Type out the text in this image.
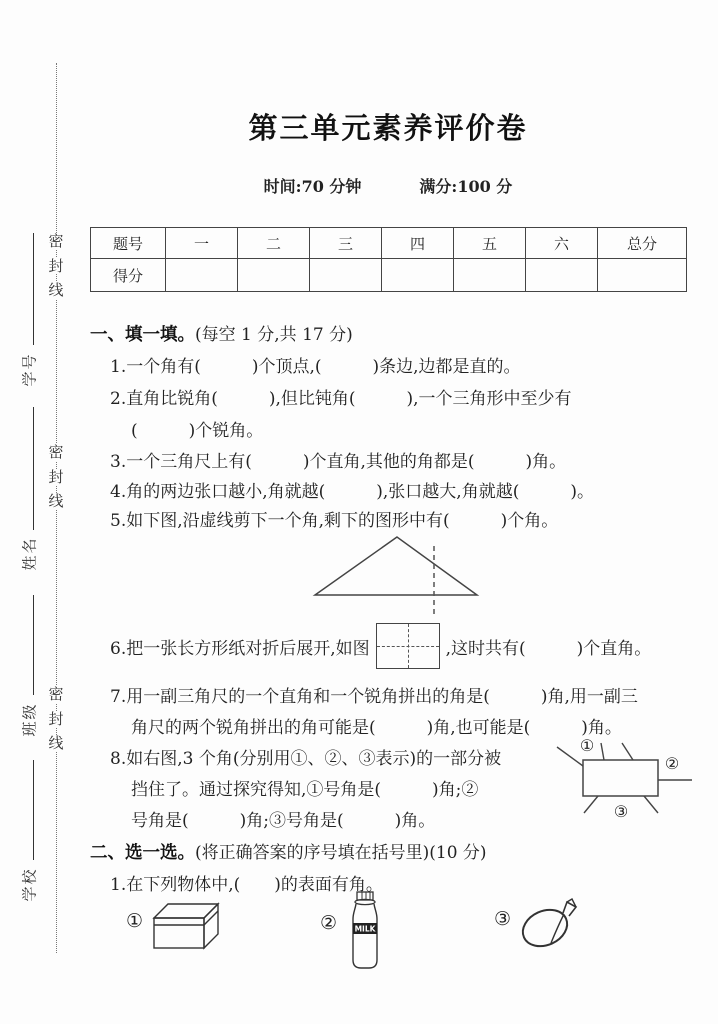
密
封
线
密
封
线
密
封
线
学号
姓名
班级
学校
第三单元素养评价卷
时间:70 分钟	满分:100 分
题号	一	二	三	四	五	六	总分
得分							
一、填一填。(每空 1 分,共 17 分)
1.一个角有(　　　)个顶点,(　　　)条边,边都是直的。
2.直角比锐角(　　　),但比钝角(　　　),一个三角形中至少有
(　　　)个锐角。
3.一个三角尺上有(　　　)个直角,其他的角都是(　　　)角。
4.角的两边张口越小,角就越(　　　),张口越大,角就越(　　　)。
5.如下图,沿虚线剪下一个角,剩下的图形中有(　　　)个角。
6.把一张长方形纸对折后展开,如图	,这时共有(　　　)个直角。
7.用一副三角尺的一个直角和一个锐角拼出的角是(　　　)角,用一副三
角尺的两个锐角拼出的角可能是(　　　)角,也可能是(　　　)角。
8.如右图,3 个角(分别用①、②、③表示)的一部分被
挡住了。通过探究得知,①号角是(　　　)角;②
号角是(　　　)角;③号角是(　　　)角。
①
②
③
二、选一选。(将正确答案的序号填在括号里)(10 分)
1.在下列物体中,(　　)的表面有角。
①	② MILK	③
